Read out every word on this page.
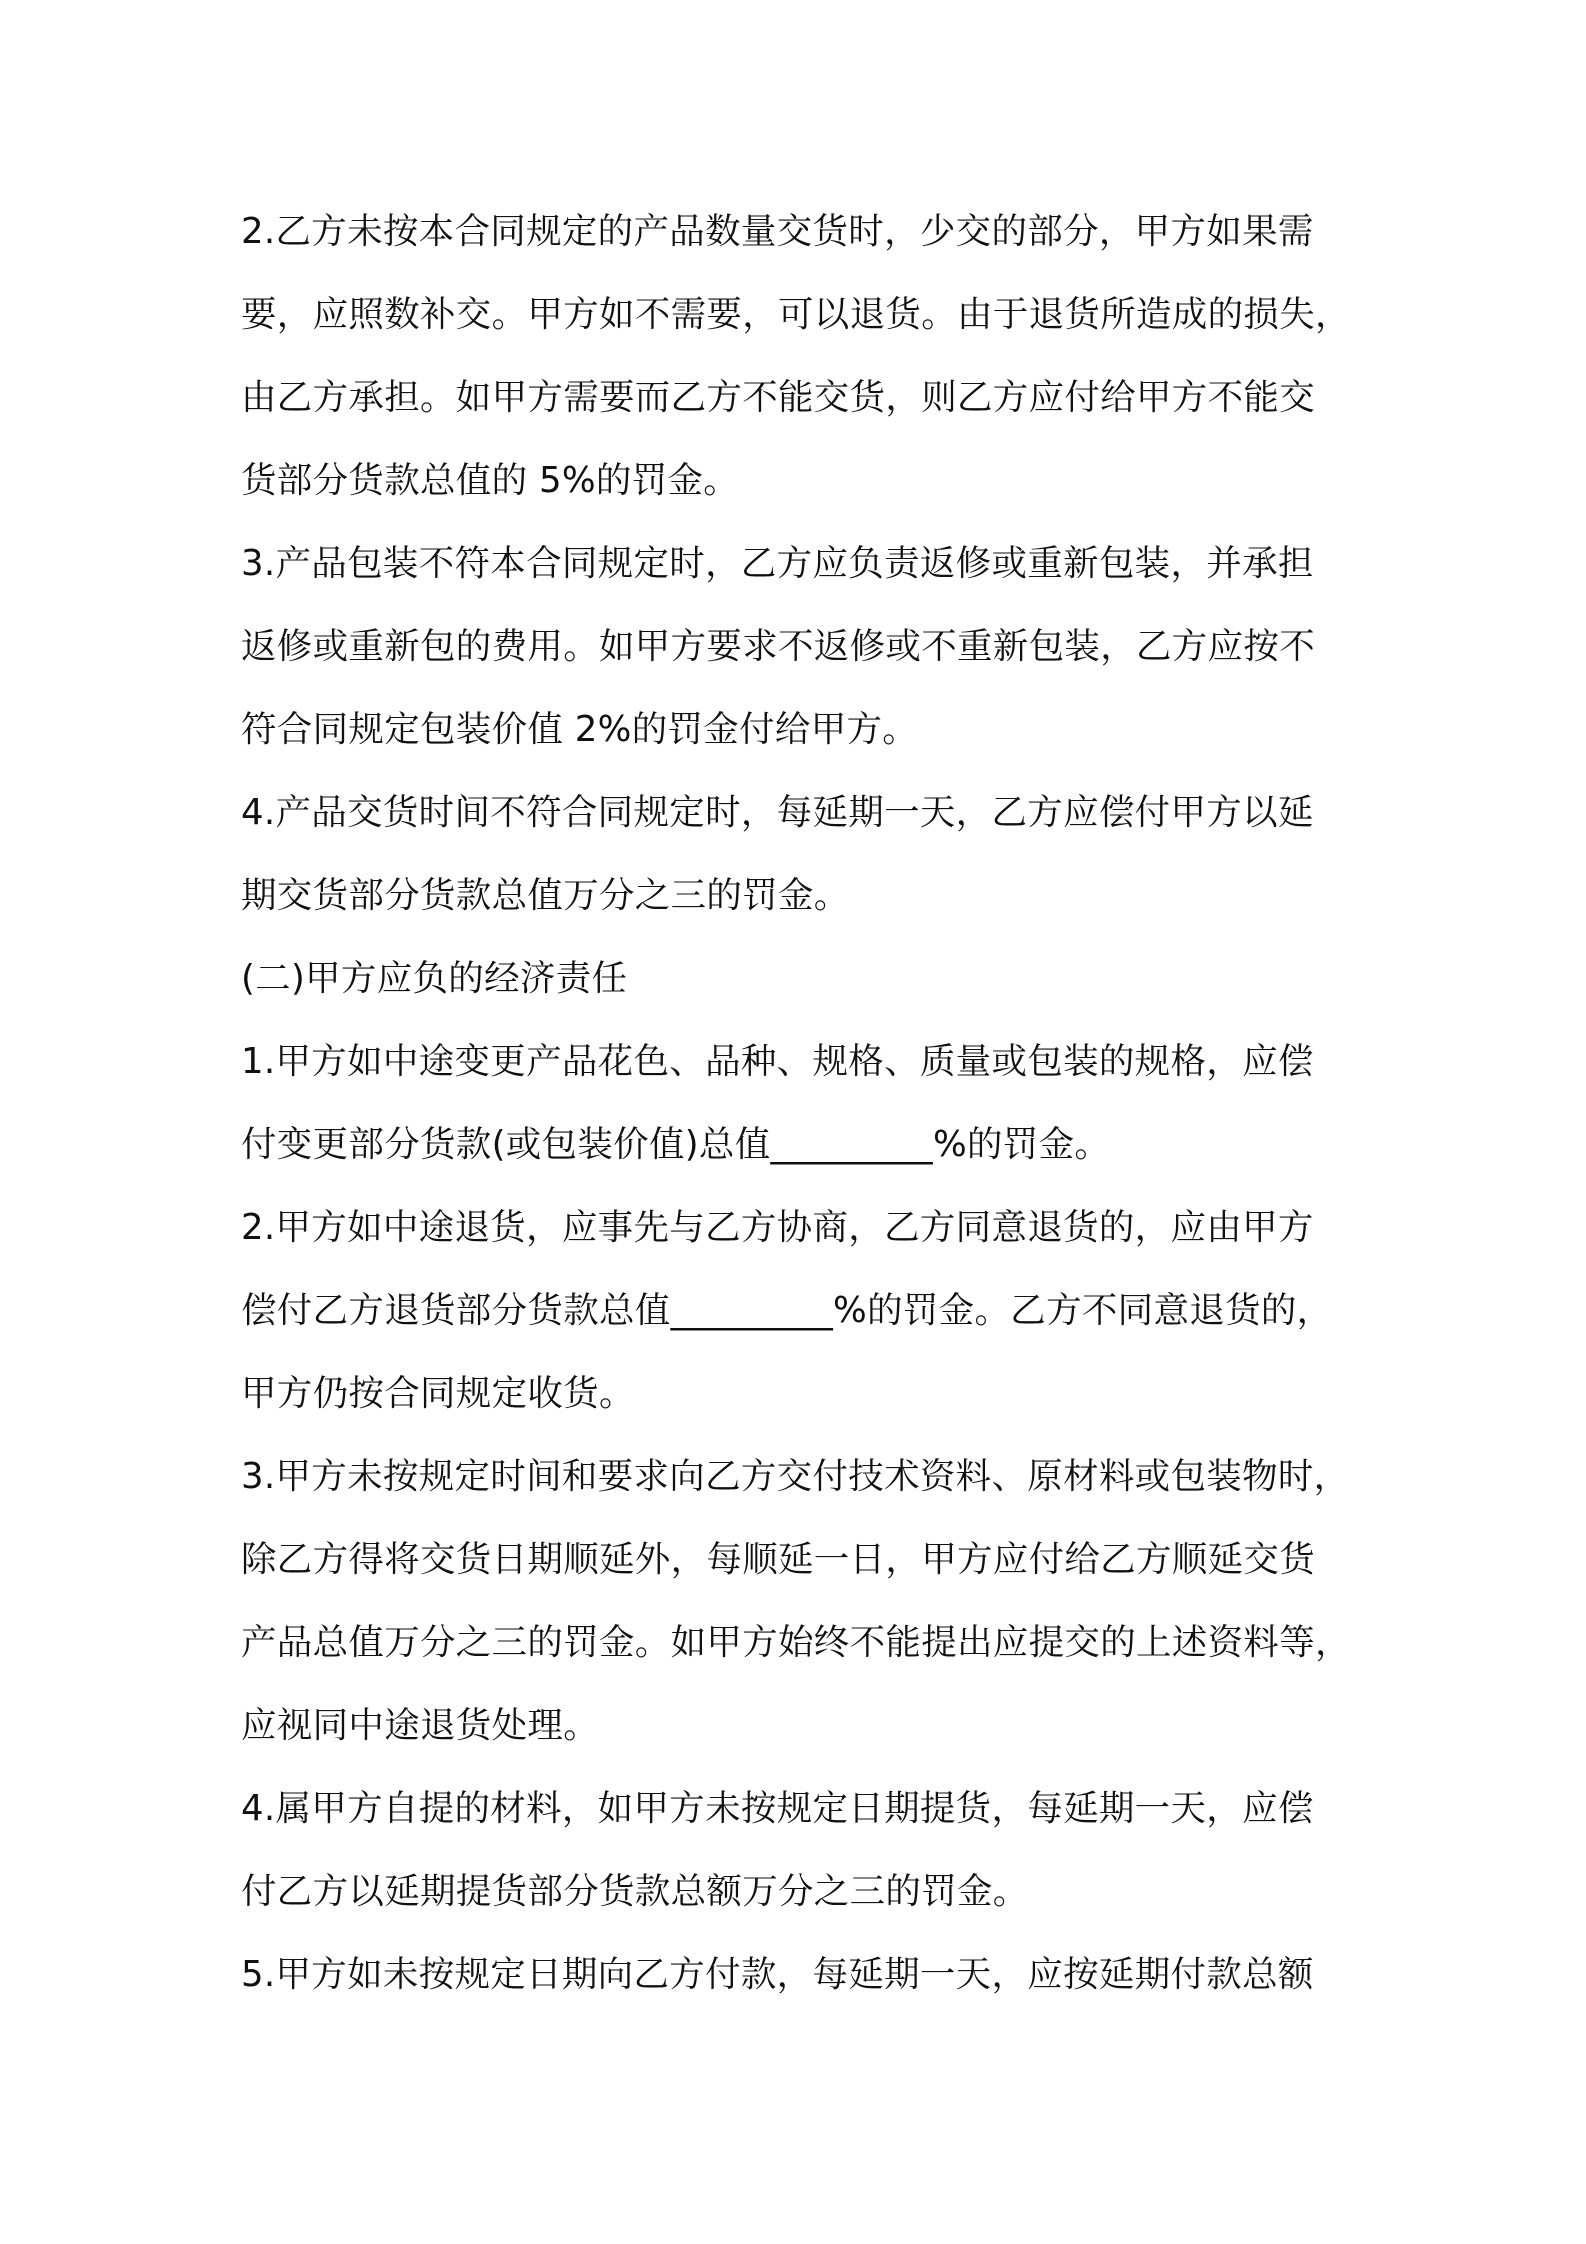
2.乙方未按本合同规定的产品数量交货时，少交的部分，甲方如果需
要，应照数补交。甲方如不需要，可以退货。由于退货所造成的损失，
由乙方承担。如甲方需要而乙方不能交货，则乙方应付给甲方不能交
货部分货款总值的 5%的罚金。
3.产品包装不符本合同规定时，乙方应负责返修或重新包装，并承担
返修或重新包的费用。如甲方要求不返修或不重新包装，乙方应按不
符合同规定包装价值 2%的罚金付给甲方。
4.产品交货时间不符合同规定时，每延期一天，乙方应偿付甲方以延
期交货部分货款总值万分之三的罚金。
(二)甲方应负的经济责任
1.甲方如中途变更产品花色、品种、规格、质量或包装的规格，应偿
付变更部分货款(或包装价值)总值_________%的罚金。
2.甲方如中途退货，应事先与乙方协商，乙方同意退货的，应由甲方
偿付乙方退货部分货款总值_________%的罚金。乙方不同意退货的，
甲方仍按合同规定收货。
3.甲方未按规定时间和要求向乙方交付技术资料、原材料或包装物时，
除乙方得将交货日期顺延外，每顺延一日，甲方应付给乙方顺延交货
产品总值万分之三的罚金。如甲方始终不能提出应提交的上述资料等，
应视同中途退货处理。
4.属甲方自提的材料，如甲方未按规定日期提货，每延期一天，应偿
付乙方以延期提货部分货款总额万分之三的罚金。
5.甲方如未按规定日期向乙方付款，每延期一天，应按延期付款总额
